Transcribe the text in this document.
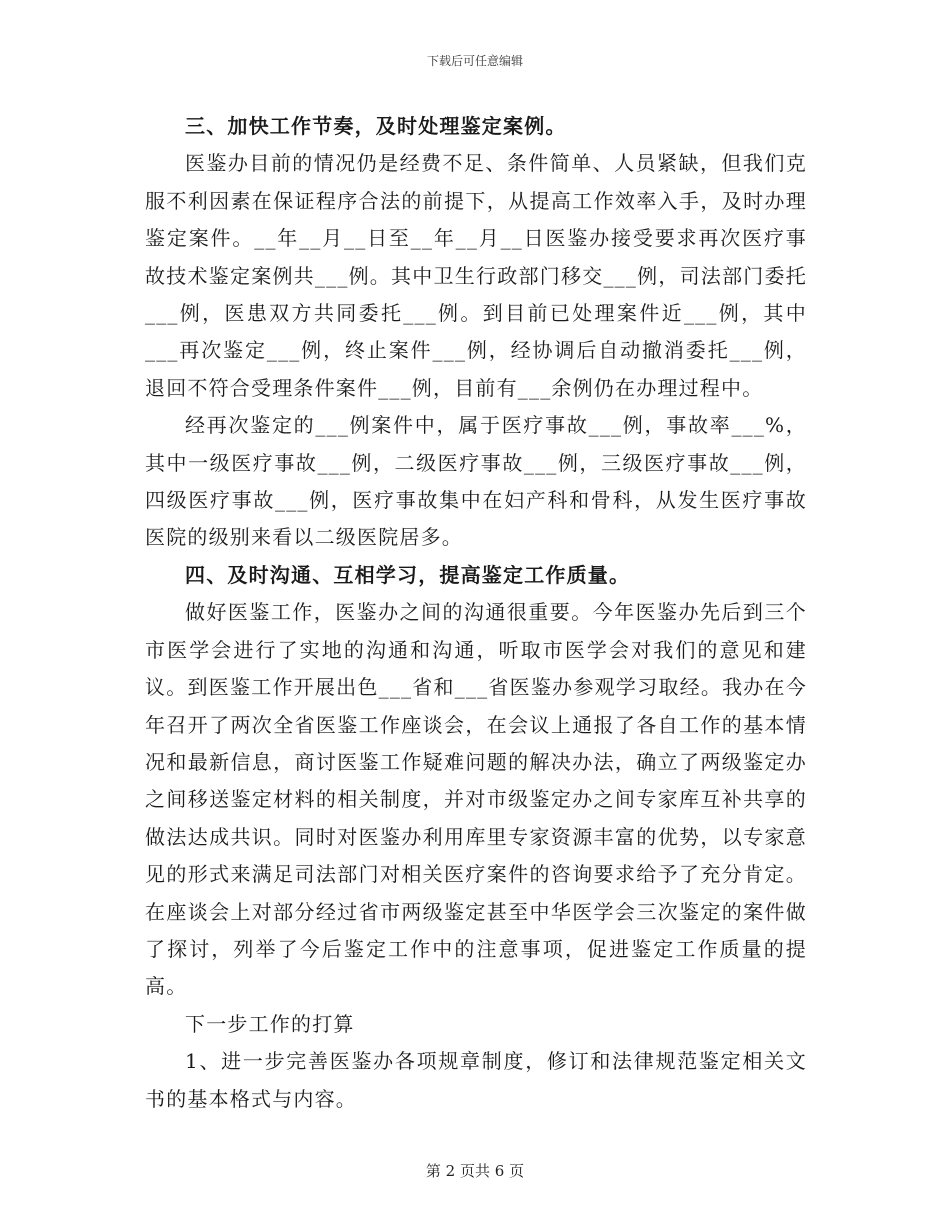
下载后可任意编辑

三、加快工作节奏，及时处理鉴定案例。

医鉴办目前的情况仍是经费不足、条件简单、人员紧缺，但我们克服不利因素在保证程序合法的前提下，从提高工作效率入手，及时办理鉴定案件。__年__月__日至__年__月__日医鉴办接受要求再次医疗事故技术鉴定案例共___例。其中卫生行政部门移交___例，司法部门委托___例，医患双方共同委托___例。到目前已处理案件近___例，其中___再次鉴定___例，终止案件___例，经协调后自动撤消委托___例，退回不符合受理条件案件___例，目前有___余例仍在办理过程中。

经再次鉴定的___例案件中，属于医疗事故___例，事故率___%，其中一级医疗事故___例，二级医疗事故___例，三级医疗事故___例，四级医疗事故___例，医疗事故集中在妇产科和骨科，从发生医疗事故医院的级别来看以二级医院居多。

四、及时沟通、互相学习，提高鉴定工作质量。

做好医鉴工作，医鉴办之间的沟通很重要。今年医鉴办先后到三个市医学会进行了实地的沟通和沟通，听取市医学会对我们的意见和建议。到医鉴工作开展出色___省和___省医鉴办参观学习取经。我办在今年召开了两次全省医鉴工作座谈会，在会议上通报了各自工作的基本情况和最新信息，商讨医鉴工作疑难问题的解决办法，确立了两级鉴定办之间移送鉴定材料的相关制度，并对市级鉴定办之间专家库互补共享的做法达成共识。同时对医鉴办利用库里专家资源丰富的优势，以专家意见的形式来满足司法部门对相关医疗案件的咨询要求给予了充分肯定。在座谈会上对部分经过省市两级鉴定甚至中华医学会三次鉴定的案件做了探讨，列举了今后鉴定工作中的注意事项，促进鉴定工作质量的提高。

下一步工作的打算

1、进一步完善医鉴办各项规章制度，修订和法律规范鉴定相关文书的基本格式与内容。

第 2 页共 6 页
